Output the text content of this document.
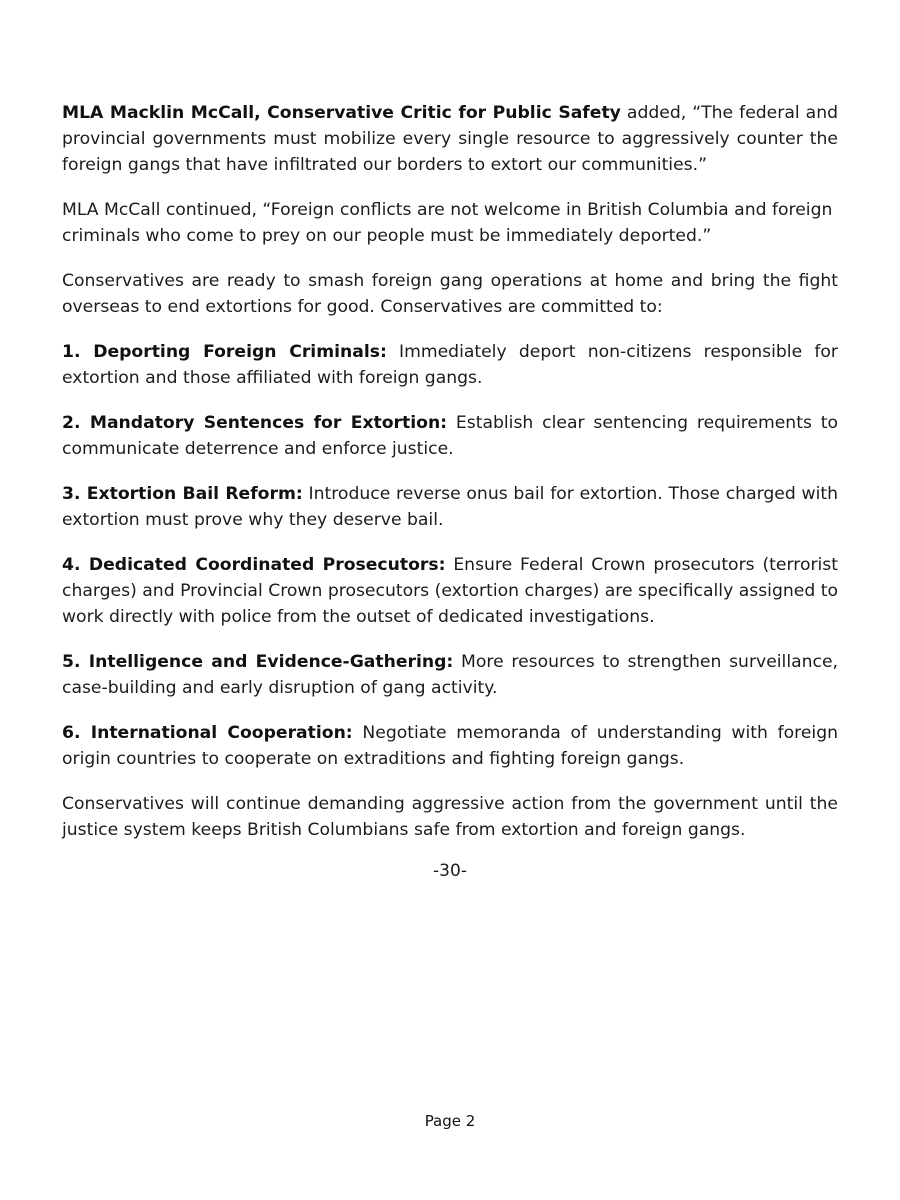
MLA Macklin McCall, Conservative Critic for Public Safety added, “The federal and provincial governments must mobilize every single resource to aggressively counter the foreign gangs that have infiltrated our borders to extort our communities.”

MLA McCall continued, “Foreign conflicts are not welcome in British Columbia and foreign criminals who come to prey on our people must be immediately deported.”

Conservatives are ready to smash foreign gang operations at home and bring the fight overseas to end extortions for good. Conservatives are committed to:

1. Deporting Foreign Criminals: Immediately deport non-citizens responsible for extortion and those affiliated with foreign gangs.

2. Mandatory Sentences for Extortion: Establish clear sentencing requirements to communicate deterrence and enforce justice.

3. Extortion Bail Reform: Introduce reverse onus bail for extortion. Those charged with extortion must prove why they deserve bail.

4. Dedicated Coordinated Prosecutors: Ensure Federal Crown prosecutors (terrorist charges) and Provincial Crown prosecutors (extortion charges) are specifically assigned to work directly with police from the outset of dedicated investigations.

5. Intelligence and Evidence-Gathering: More resources to strengthen surveillance, case-building and early disruption of gang activity.

6. International Cooperation: Negotiate memoranda of understanding with foreign origin countries to cooperate on extraditions and fighting foreign gangs.

Conservatives will continue demanding aggressive action from the government until the justice system keeps British Columbians safe from extortion and foreign gangs.

-30-
Page 2
